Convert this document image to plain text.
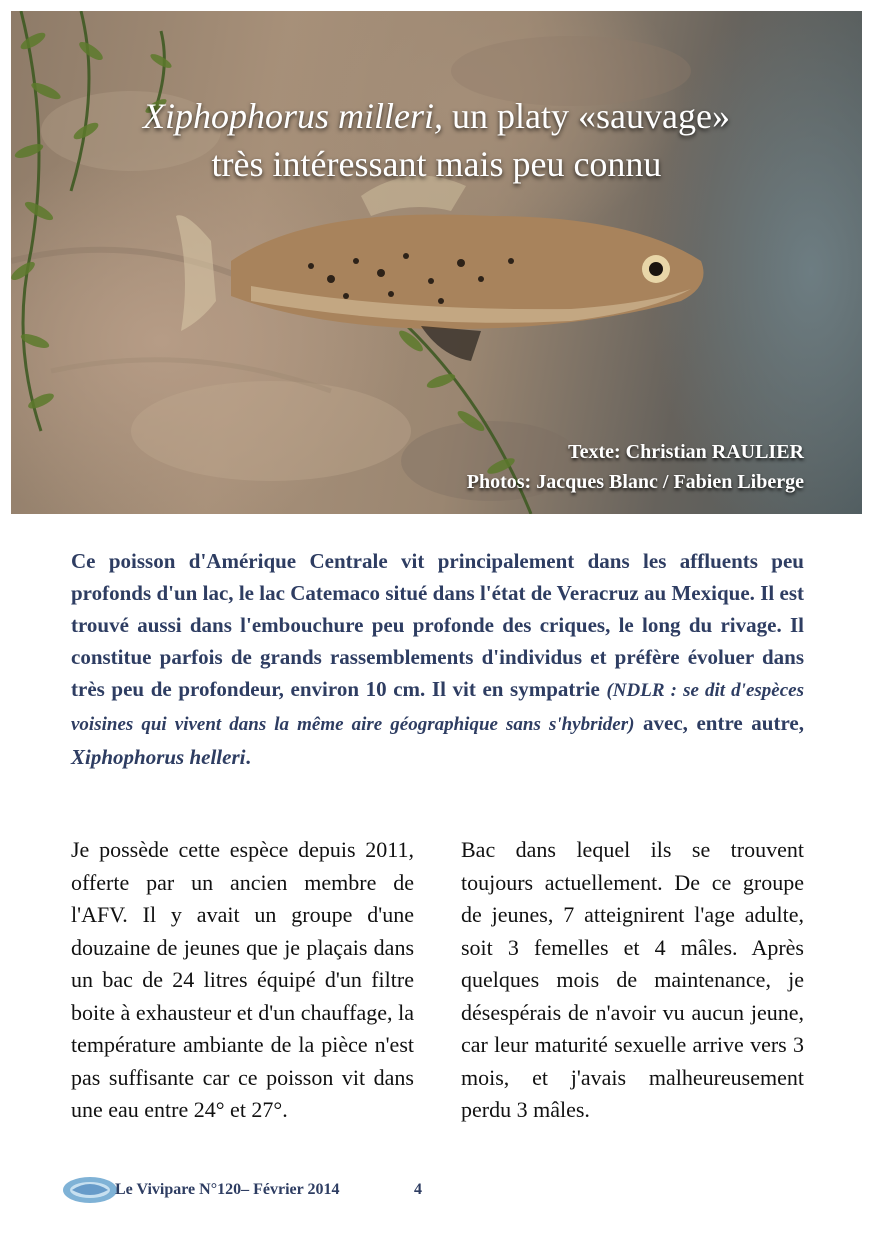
Xiphophorus milleri, un platy «sauvage»
très intéressant mais peu connu
Texte: Christian RAULIER
Photos: Jacques Blanc / Fabien Liberge

Ce poisson d'Amérique Centrale vit principalement dans les affluents peu profonds d'un lac, le lac Catemaco situé dans l'état de Veracruz au Mexique. Il est trouvé aussi dans l'embouchure peu profonde des criques, le long du rivage. Il constitue parfois de grands rassemblements d'individus et préfère évoluer dans très peu de profondeur, environ 10 cm. Il vit en sympatrie (NDLR : se dit d'espèces voisines qui vivent dans la même aire géographique sans s'hybrider) avec, entre autre, Xiphophorus helleri.

Je possède cette espèce depuis 2011, offerte par un ancien membre de l'AFV. Il y avait un groupe d'une douzaine de jeunes que je plaçais dans un bac de 24 litres équipé d'un filtre boite à exhausteur et d'un chauffage, la température ambiante de la pièce n'est pas suffisante car ce poisson vit dans une eau entre 24° et 27°.

Bac dans lequel ils se trouvent toujours actuellement. De ce groupe de jeunes, 7 atteignirent l'age adulte, soit 3 femelles et 4 mâles. Après quelques mois de maintenance, je désespérais de n'avoir vu aucun jeune, car leur maturité sexuelle arrive vers 3 mois, et j'avais malheureusement perdu 3 mâles.

Le Vivipare N°120– Février 2014	4
